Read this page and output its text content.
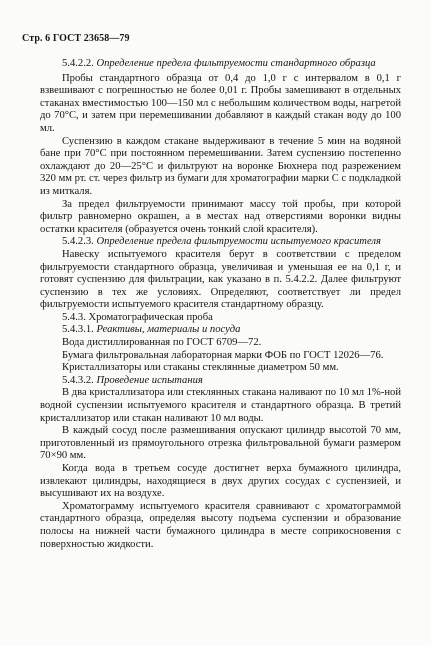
Стр. 6 ГОСТ 23658—79

5.4.2.2. Определение предела фильтруемости стандартного образца

Пробы стандартного образца от 0,4 до 1,0 г с интервалом в 0,1 г взвешивают с погрешностью не более 0,01 г. Пробы замешивают в отдельных стаканах вместимостью 100—150 мл с небольшим количеством воды, нагретой до 70°С, и затем при перемешивании добавляют в каждый стакан воду до 100 мл.

Суспензию в каждом стакане выдерживают в течение 5 мин на водяной бане при 70°С при постоянном перемешивании. Затем суспензию постепенно охлаждают до 20—25°С и фильтруют на воронке Бюхнера под разрежением 320 мм рт. ст. через фильтр из бумаги для хроматографии марки С с подкладкой из миткаля.

За предел фильтруемости принимают массу той пробы, при которой фильтр равномерно окрашен, а в местах над отверстиями воронки видны остатки красителя (образуется очень тонкий слой красителя).

5.4.2.3. Определение предела фильтруемости испытуемого красителя

Навеску испытуемого красителя берут в соответствии с пределом фильтруемости стандартного образца, увеличивая и уменьшая ее на 0,1 г, и готовят суспензию для фильтрации, как указано в п. 5.4.2.2. Далее фильтруют суспензию в тех же условиях. Определяют, соответствует ли предел фильтруемости испытуемого красителя стандартному образцу.

5.4.3. Хроматографическая проба

5.4.3.1. Реактивы, материалы и посуда

Вода дистиллированная по ГОСТ 6709—72.

Бумага фильтровальная лабораторная марки ФОБ по ГОСТ 12026—76.

Кристаллизаторы или стаканы стеклянные диаметром 50 мм.

5.4.3.2. Проведение испытания

В два кристаллизатора или стеклянных стакана наливают по 10 мл 1%-ной водной суспензии испытуемого красителя и стандартного образца. В третий кристаллизатор или стакан наливают 10 мл воды.

В каждый сосуд после размешивания опускают цилиндр высотой 70 мм, приготовленный из прямоугольного отрезка фильтровальной бумаги размером 70×90 мм.

Когда вода в третьем сосуде достигнет верха бумажного цилиндра, извлекают цилиндры, находящиеся в двух других сосудах с суспензией, и высушивают их на воздухе.

Хроматограмму испытуемого красителя сравнивают с хроматограммой стандартного образца, определяя высоту подъема суспензии и образование полосы на нижней части бумажного цилиндра в месте соприкосновения с поверхностью жидкости.
